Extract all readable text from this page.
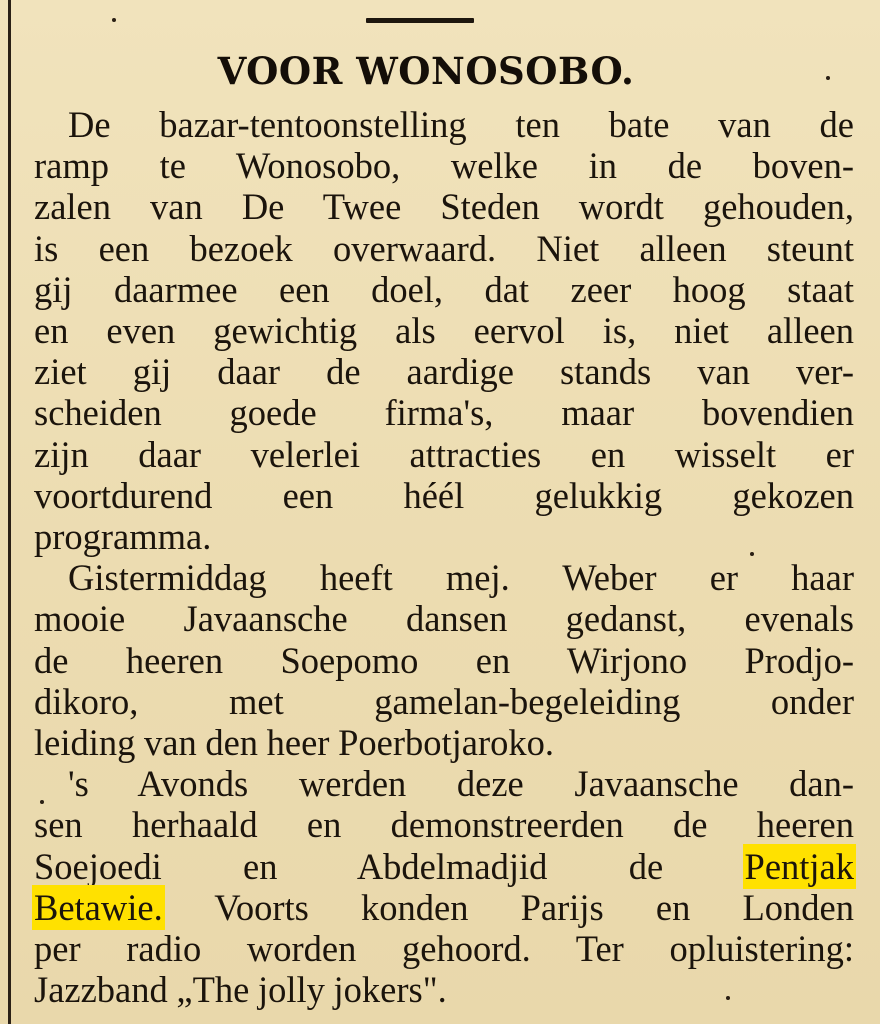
VOOR WONOSOBO.
De bazar-tentoonstelling ten bate van de
ramp te Wonosobo, welke in de boven-
zalen van De Twee Steden wordt gehouden,
is een bezoek overwaard. Niet alleen steunt
gij daarmee een doel, dat zeer hoog staat
en even gewichtig als eervol is, niet alleen
ziet gij daar de aardige stands van ver-
scheiden goede firma's, maar bovendien
zijn daar velerlei attracties en wisselt er
voortdurend een héél gelukkig gekozen
programma.
Gistermiddag heeft mej. Weber er haar
mooie Javaansche dansen gedanst, evenals
de heeren Soepomo en Wirjono Prodjo-
dikoro, met gamelan-begeleiding onder
leiding van den heer Poerbotjaroko.
's Avonds werden deze Javaansche dan-
sen herhaald en demonstreerden de heeren
Soejoedi en Abdelmadjid de Pentjak
Betawie. Voorts konden Parijs en Londen
per radio worden gehoord. Ter opluistering:
Jazzband „The jolly jokers".
